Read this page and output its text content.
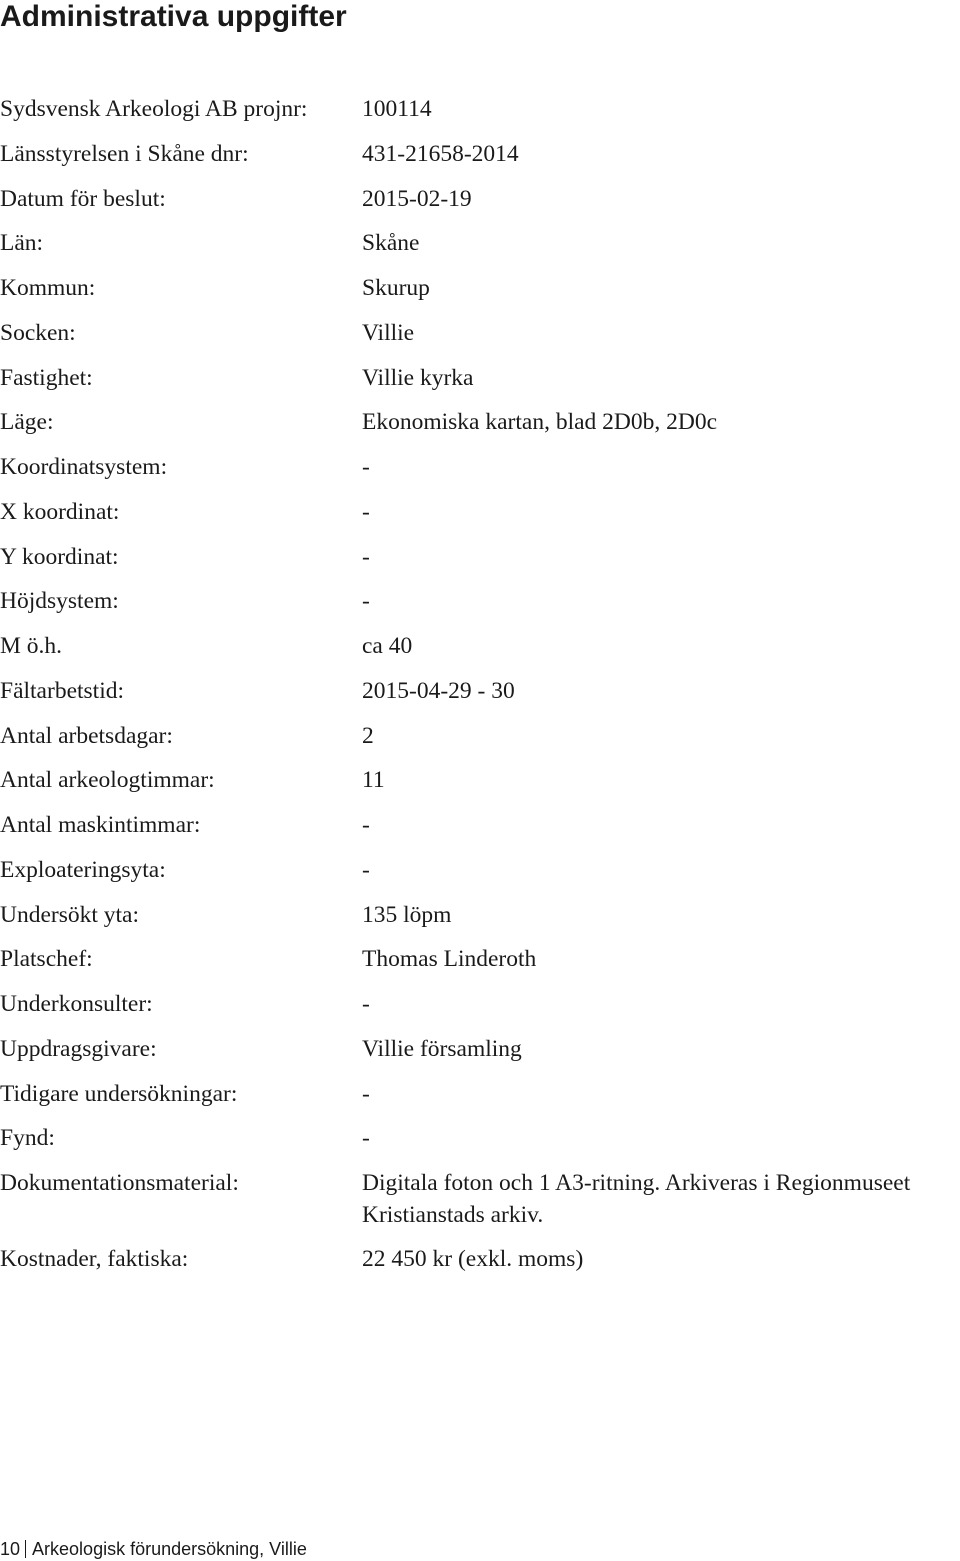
Administrativa uppgifter
Sydsvensk Arkeologi AB projnr: 100114
Länsstyrelsen i Skåne dnr:	431-21658-2014
Datum för beslut:	2015-02-19
Län:	Skåne
Kommun:	Skurup
Socken:	Villie
Fastighet:	Villie kyrka
Läge:	Ekonomiska kartan, blad 2D0b, 2D0c
Koordinatsystem:	-
X koordinat:	-
Y koordinat:	-
Höjdsystem:	-
M ö.h.	ca 40
Fältarbetstid:	2015-04-29 - 30
Antal arbetsdagar:	2
Antal arkeologtimmar:	11
Antal maskintimmar:	-
Exploateringsyta:	-
Undersökt yta:	135 löpm
Platschef:	Thomas Linderoth
Underkonsulter:	-
Uppdragsgivare:	Villie församling
Tidigare undersökningar:	-
Fynd:	-
Dokumentationsmaterial:	Digitala foton och 1 A3-ritning. Arkiveras i Regionmuseet Kristianstads arkiv.
Kostnader, faktiska:	22 450 kr (exkl. moms)
10 Arkeologisk förundersökning, Villie
